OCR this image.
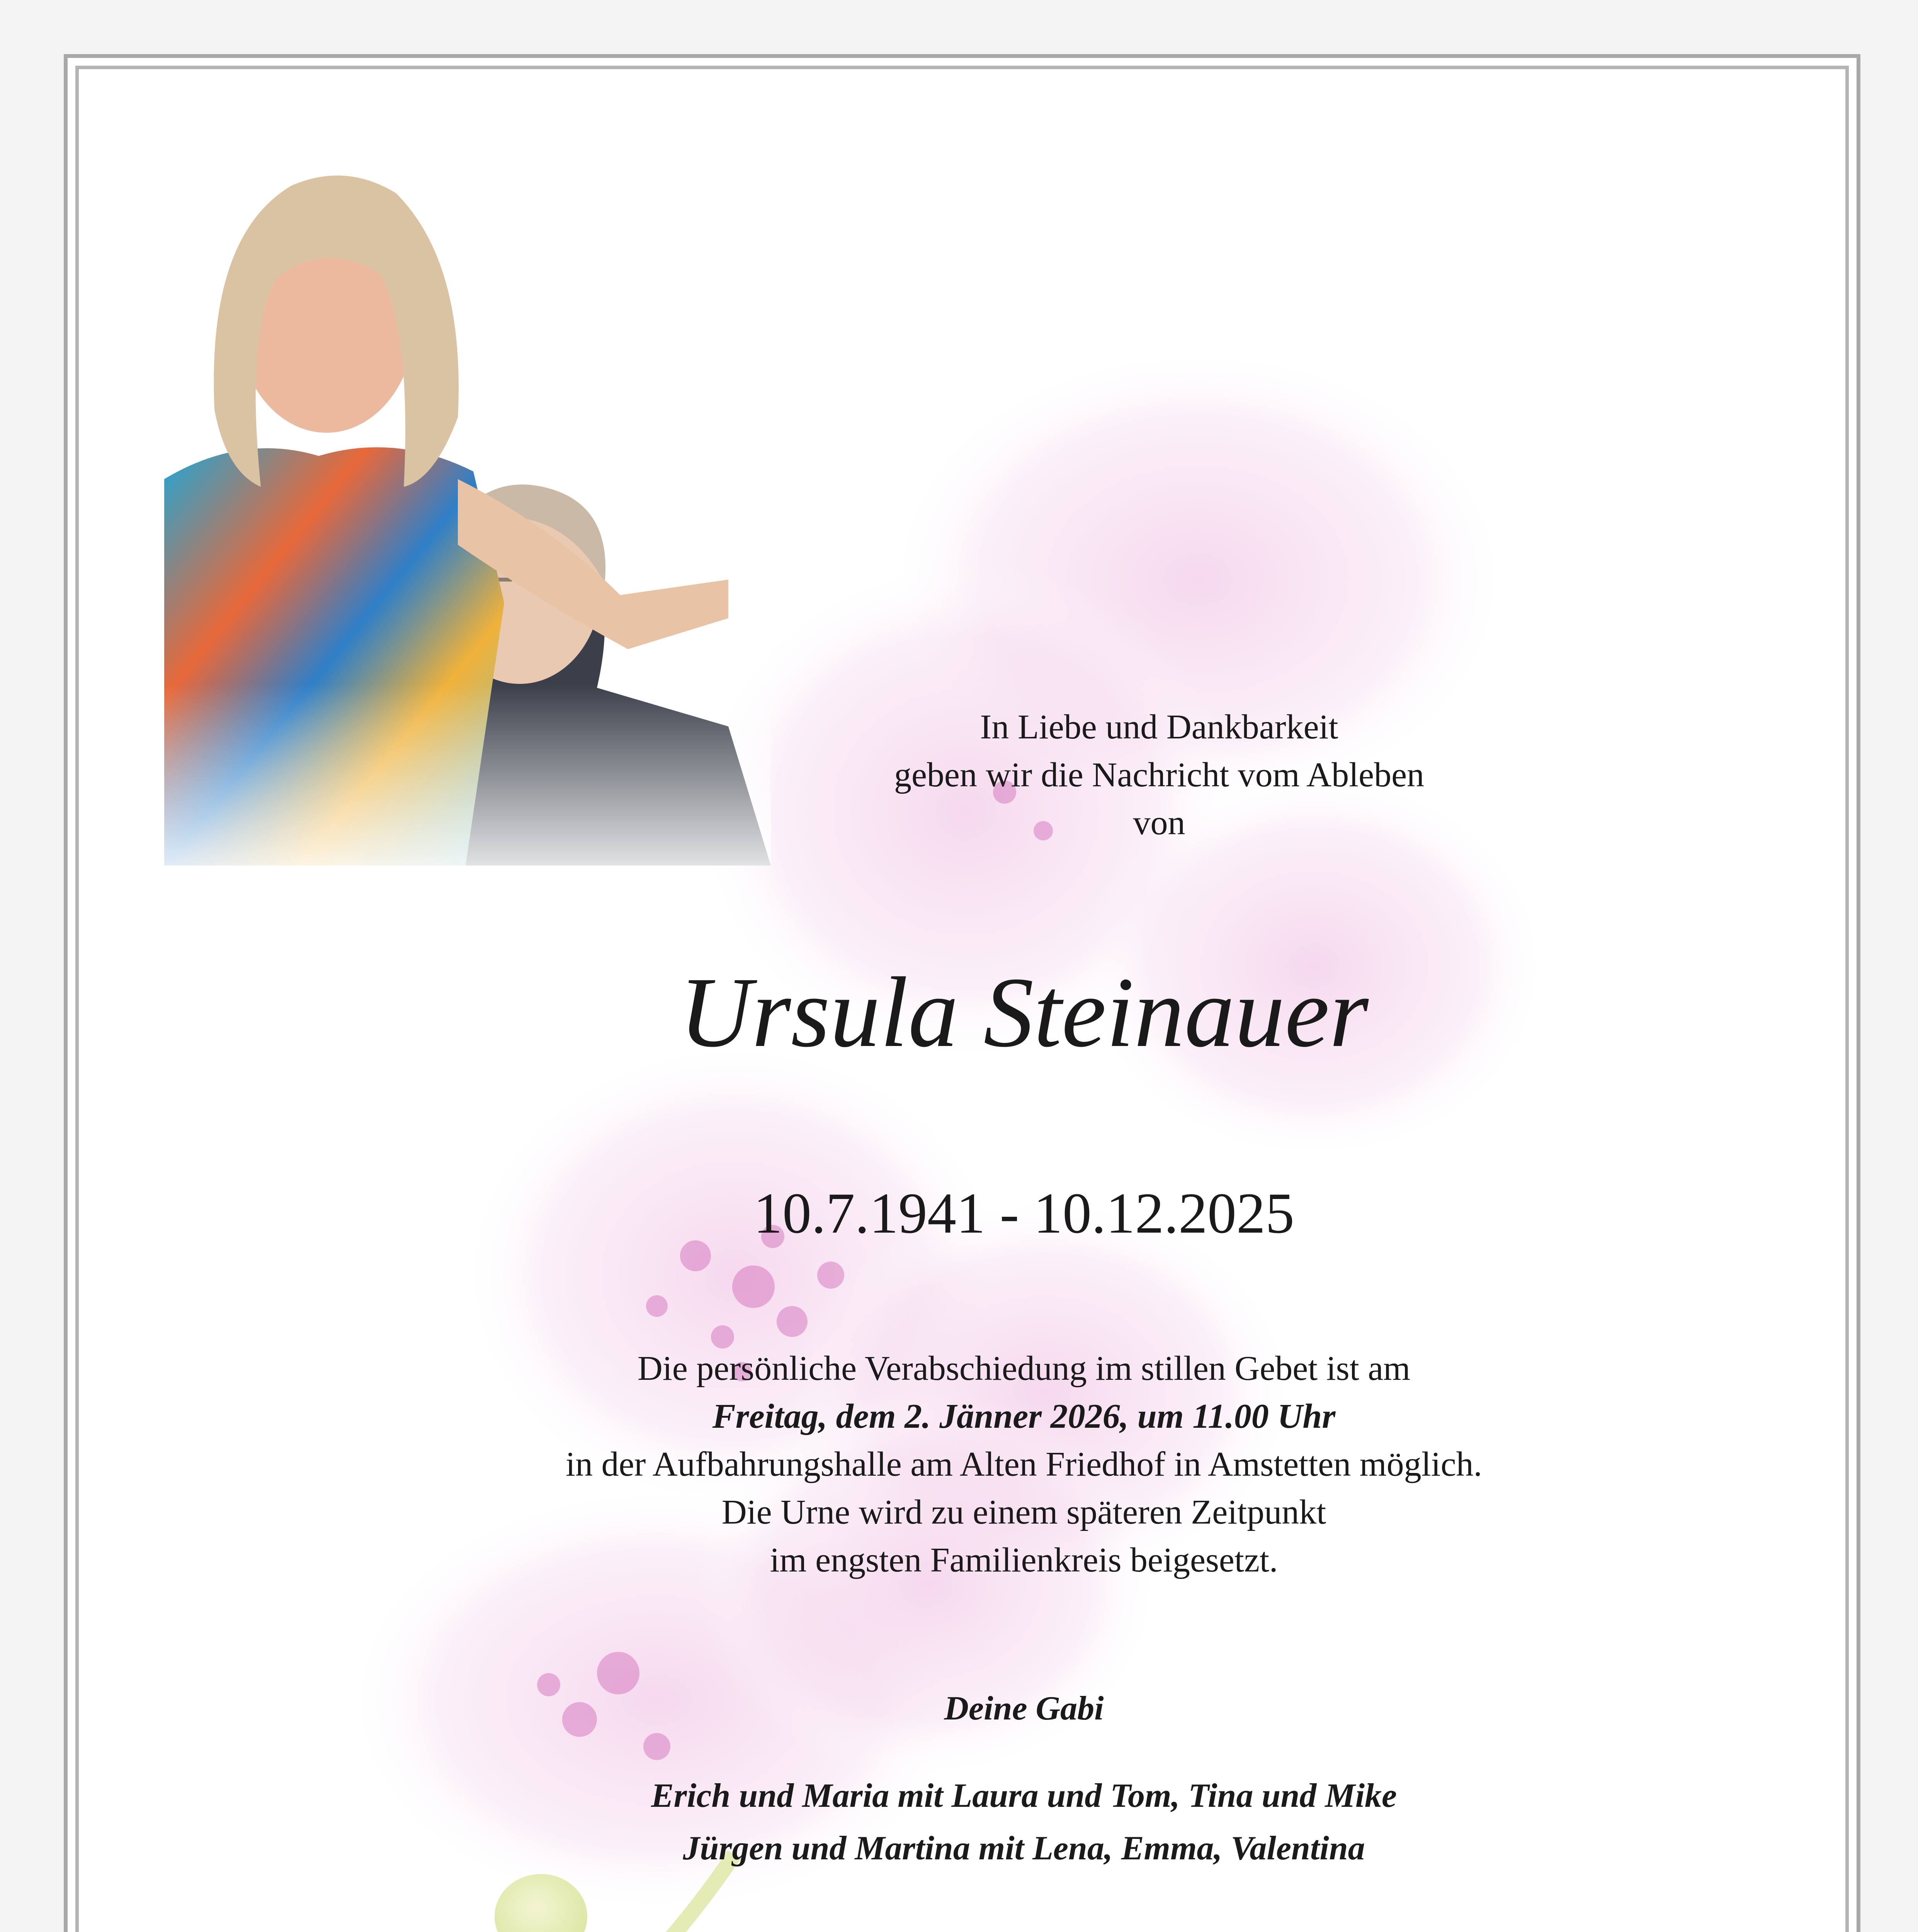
In Liebe und Dankbarkeit
geben wir die Nachricht vom Ableben
von
Ursula Steinauer
10.7.1941 - 10.12.2025
Die persönliche Verabschiedung im stillen Gebet ist am
Freitag, dem 2. Jänner 2026, um 11.00 Uhr
in der Aufbahrungshalle am Alten Friedhof in Amstetten möglich.
Die Urne wird zu einem späteren Zeitpunkt
im engsten Familienkreis beigesetzt.
Deine Gabi
Erich und Maria mit Laura und Tom, Tina und Mike
Jürgen und Martina mit Lena, Emma, Valentina
